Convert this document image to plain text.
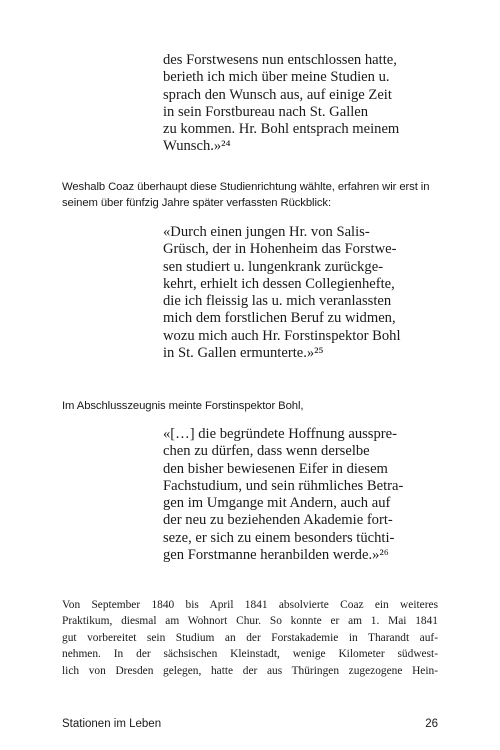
des Forstwesens nun entschlossen hatte,
berieth ich mich über meine Studien u.
sprach den Wunsch aus, auf einige Zeit
in sein Forstbureau nach St. Gallen
zu kommen. Hr. Bohl entsprach meinem
Wunsch.»²⁴
Weshalb Coaz überhaupt diese Studienrichtung wählte, erfahren wir erst in seinem über fünfzig Jahre später verfassten Rückblick:
«Durch einen jungen Hr. von Salis-
Grüsch, der in Hohenheim das Forstwe-
sen studiert u. lungenkrank zurückge-
kehrt, erhielt ich dessen Collegienhefte,
die ich fleissig las u. mich veranlassten
mich dem forstlichen Beruf zu widmen,
wozu mich auch Hr. Forstinspektor Bohl
in St. Gallen ermunterte.»²⁵
Im Abschlusszeugnis meinte Forstinspektor Bohl,
«[…] die begründete Hoffnung ausspre-
chen zu dürfen, dass wenn derselbe
den bisher bewiesenen Eifer in diesem
Fachstudium, und sein rühmliches Betra-
gen im Umgange mit Andern, auch auf
der neu zu beziehenden Akademie fort-
seze, er sich zu einem besonders tüchti-
gen Forstmanne heranbilden werde.»²⁶
Von September 1840 bis April 1841 absolvierte Coaz ein weiteres
Praktikum, diesmal am Wohnort Chur. So konnte er am 1. Mai 1841
gut vorbereitet sein Studium an der Forstakademie in Tharandt auf-
nehmen. In der sächsischen Kleinstadt, wenige Kilometer südwest-
lich von Dresden gelegen, hatte der aus Thüringen zugezogene Hein-
Stationen im Leben	26
